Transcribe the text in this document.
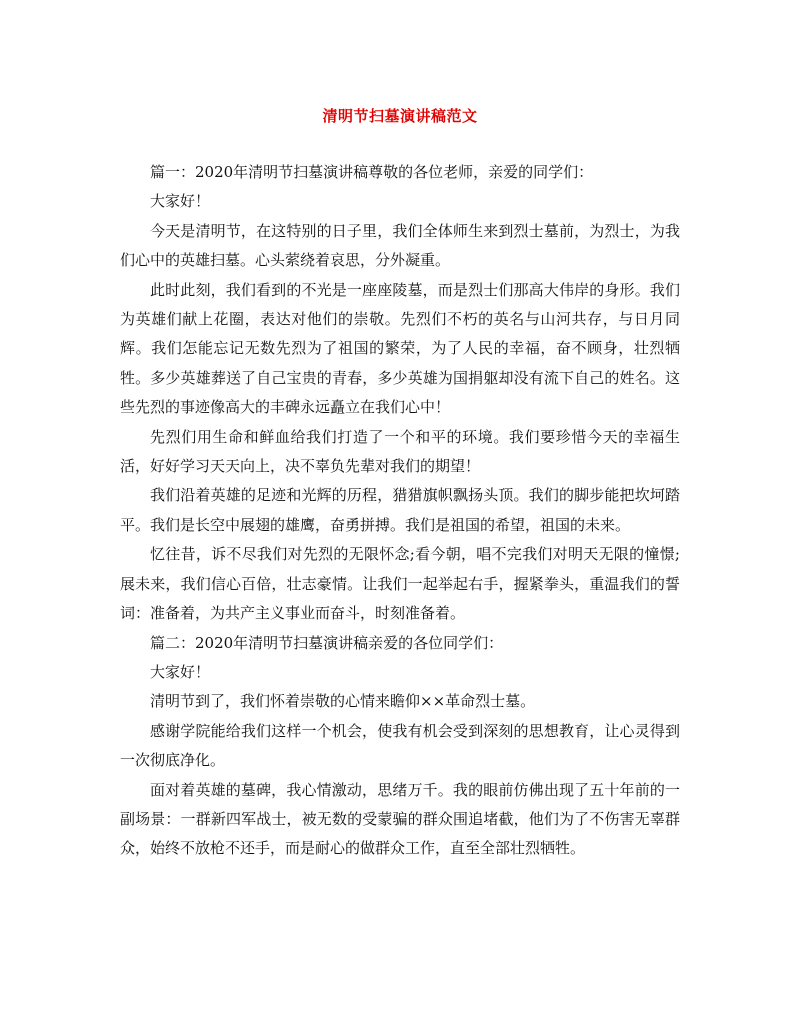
清明节扫墓演讲稿范文

篇一：2020年清明节扫墓演讲稿尊敬的各位老师，亲爱的同学们：

大家好！

今天是清明节，在这特别的日子里，我们全体师生来到烈士墓前，为烈士，为我们心中的英雄扫墓。心头萦绕着哀思，分外凝重。

此时此刻，我们看到的不光是一座座陵墓，而是烈士们那高大伟岸的身形。我们为英雄们献上花圈，表达对他们的崇敬。先烈们不朽的英名与山河共存，与日月同辉。我们怎能忘记无数先烈为了祖国的繁荣，为了人民的幸福，奋不顾身，壮烈牺牲。多少英雄葬送了自己宝贵的青春，多少英雄为国捐躯却没有流下自己的姓名。这些先烈的事迹像高大的丰碑永远矗立在我们心中！

先烈们用生命和鲜血给我们打造了一个和平的环境。我们要珍惜今天的幸福生活，好好学习天天向上，决不辜负先辈对我们的期望！

我们沿着英雄的足迹和光辉的历程，猎猎旗帜飘扬头顶。我们的脚步能把坎坷踏平。我们是长空中展翅的雄鹰，奋勇拼搏。我们是祖国的希望，祖国的未来。

忆往昔，诉不尽我们对先烈的无限怀念;看今朝，唱不完我们对明天无限的憧憬;展未来，我们信心百倍，壮志豪情。让我们一起举起右手，握紧拳头，重温我们的誓词：准备着，为共产主义事业而奋斗，时刻准备着。

篇二：2020年清明节扫墓演讲稿亲爱的各位同学们：

大家好！

清明节到了，我们怀着崇敬的心情来瞻仰××革命烈士墓。

感谢学院能给我们这样一个机会，使我有机会受到深刻的思想教育，让心灵得到一次彻底净化。

面对着英雄的墓碑，我心情激动，思绪万千。我的眼前仿佛出现了五十年前的一副场景：一群新四军战士，被无数的受蒙骗的群众围追堵截，他们为了不伤害无辜群众，始终不放枪不还手，而是耐心的做群众工作，直至全部壮烈牺牲。
